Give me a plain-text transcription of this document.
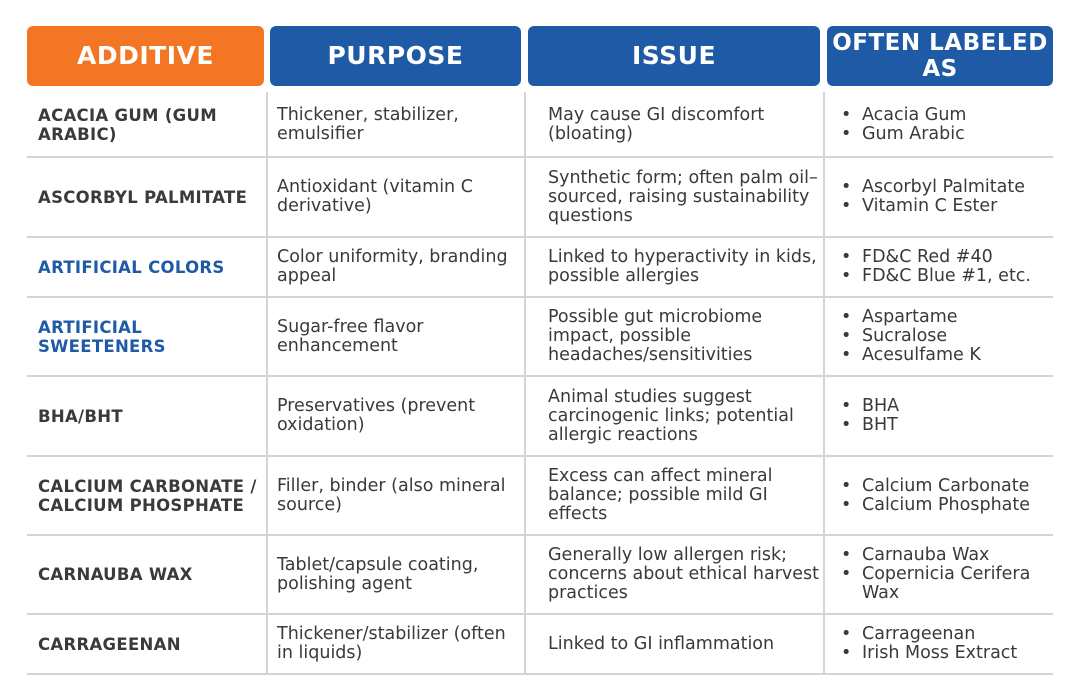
ADDITIVE	PURPOSE	ISSUE	OFTEN LABELED AS
ACACIA GUM (GUM ARABIC)
Thickener, stabilizer, emulsifier
May cause GI discomfort (bloating)
• Acacia Gum
• Gum Arabic
ASCORBYL PALMITATE Antioxidant (vitamin C derivative)
Synthetic form; often palm oil–sourced, raising sustainability questions
• Ascorbyl Palmitate
• Vitamin C Ester
ARTIFICIAL COLORS	Color uniformity, branding appeal
Linked to hyperactivity in kids, possible allergies
• FD&C Red #40
• FD&C Blue #1, etc.
ARTIFICIAL SWEETENERS
Sugar-free flavor enhancement
Possible gut microbiome impact, possible headaches/sensitivities
• Aspartame
• Sucralose
• Acesulfame K
BHA/BHT	Preservatives (prevent oxidation)
Animal studies suggest carcinogenic links; potential allergic reactions
• BHA
• BHT
CALCIUM CARBONATE / CALCIUM PHOSPHATE
Filler, binder (also mineral source)
Excess can affect mineral balance; possible mild GI effects
• Calcium Carbonate
• Calcium Phosphate
CARNAUBA WAX	Tablet/capsule coating, polishing agent
Generally low allergen risk; concerns about ethical harvest practices
• Carnauba Wax
• Copernicia Cerifera Wax
CARRAGEENAN	Thickener/stabilizer (often in liquids)	Linked to GI inflammation
•	Carrageenan
• Irish Moss Extract
